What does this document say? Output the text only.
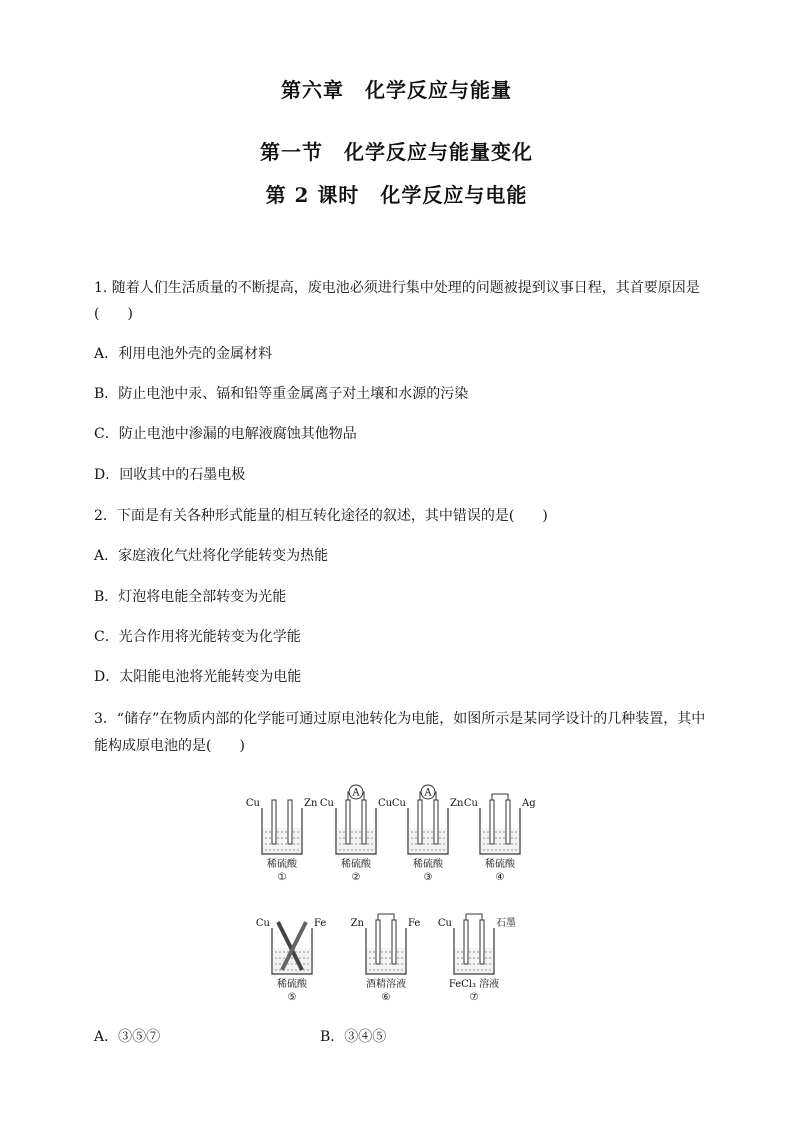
第六章　化学反应与能量
第一节　化学反应与能量变化
第 2 课时　化学反应与电能
1. 随着人们生活质量的不断提高，废电池必须进行集中处理的问题被提到议事日程，其首要原因是
(　　)
A．利用电池外壳的金属材料
B．防止电池中汞、镉和铅等重金属离子对土壤和水源的污染
C．防止电池中渗漏的电解液腐蚀其他物品
D．回收其中的石墨电极
2．下面是有关各种形式能量的相互转化途径的叙述，其中错误的是(　　)
A．家庭液化气灶将化学能转变为热能
B．灯泡将电能全部转变为光能
C．光合作用将光能转变为化学能
D．太阳能电池将光能转变为电能
3．“储存”在物质内部的化学能可通过原电池转化为电能，如图所示是某同学设计的几种装置，其中
能构成原电池的是(　　)
Cu	Zn
稀硫酸
①
A
Cu	Cu
稀硫酸
②
A
Cu	Zn
稀硫酸
③
Cu	Ag
稀硫酸
④
Cu	Fe
稀硫酸
⑤
Zn	Fe
酒精溶液
⑥
Cu	石墨
FeCl₃ 溶液
⑦
A．③⑤⑦	B．③④⑤
